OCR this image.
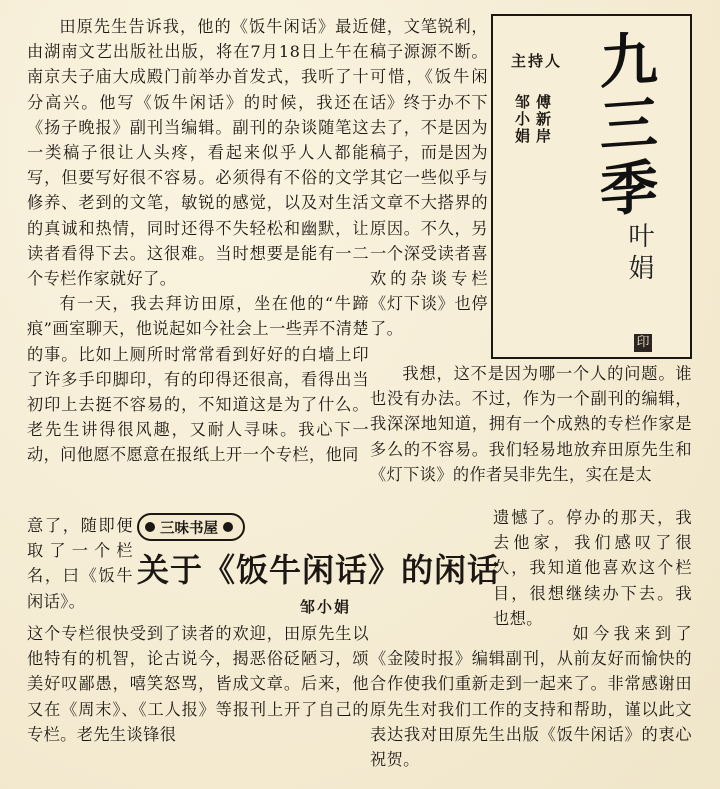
田原先生告诉我，他的《饭牛闲话》最近由湖南文艺出版社出版，将在7月18日上午在南京夫子庙大成殿门前举办首发式，我听了十分高兴。他写《饭牛闲话》的时候，我还在《扬子晚报》副刊当编辑。副刊的杂谈随笔这一类稿子很让人头疼，看起来似乎人人都能写，但要写好很不容易。必须得有不俗的文学修养、老到的文笔，敏锐的感觉，以及对生活的真诚和热情，同时还得不失轻松和幽默，让读者看得下去。这很难。当时想要是能有一二个专栏作家就好了。

有一天，我去拜访田原，坐在他的“牛蹄痕”画室聊天，他说起如今社会上一些弄不清楚的事。比如上厕所时常常看到好好的白墙上印了许多手印脚印，有的印得还很高，看得出当初印上去挺不容易的，不知道这是为了什么。老先生讲得很风趣，又耐人寻味。我心下一动，问他愿不愿意在报纸上开一个专栏，他同

意了，随即便取了一个栏名，曰《饭牛闲话》。

这个专栏很快受到了读者的欢迎，田原先生以他特有的机智，论古说今，揭恶俗砭陋习，颂美好叹鄙愚，嘻笑怒骂，皆成文章。后来，他又在《周末》、《工人报》等报刊上开了自己的专栏。老先生谈锋很

健，文笔锐利，稿子源源不断。可惜，《饭牛闲话》终于办不下去了，不是因为稿子，而是因为其它一些似乎与文章不大搭界的原因。不久，另一个深受读者喜欢的杂谈专栏《灯下谈》也停了。

主持人
傅新岸
邹小娟 九三季
叶娟
印

我想，这不是因为哪一个人的问题。谁也没有办法。不过，作为一个副刊的编辑，我深深地知道，拥有一个成熟的专栏作家是多么的不容易。我们轻易地放弃田原先生和《灯下谈》的作者吴非先生，实在是太

遗憾了。停办的那天，我去他家，我们感叹了很久，我知道他喜欢这个栏目，很想继续办下去。我也想。

如今我来到了《金陵时报》编辑副刊，从前友好而愉快的合作使我们重新走到一起来了。非常感谢田原先生对我们工作的支持和帮助，谨以此文表达我对田原先生出版《饭牛闲话》的衷心祝贺。

三味书屋
关于《饭牛闲话》的闲话
邹小娟
